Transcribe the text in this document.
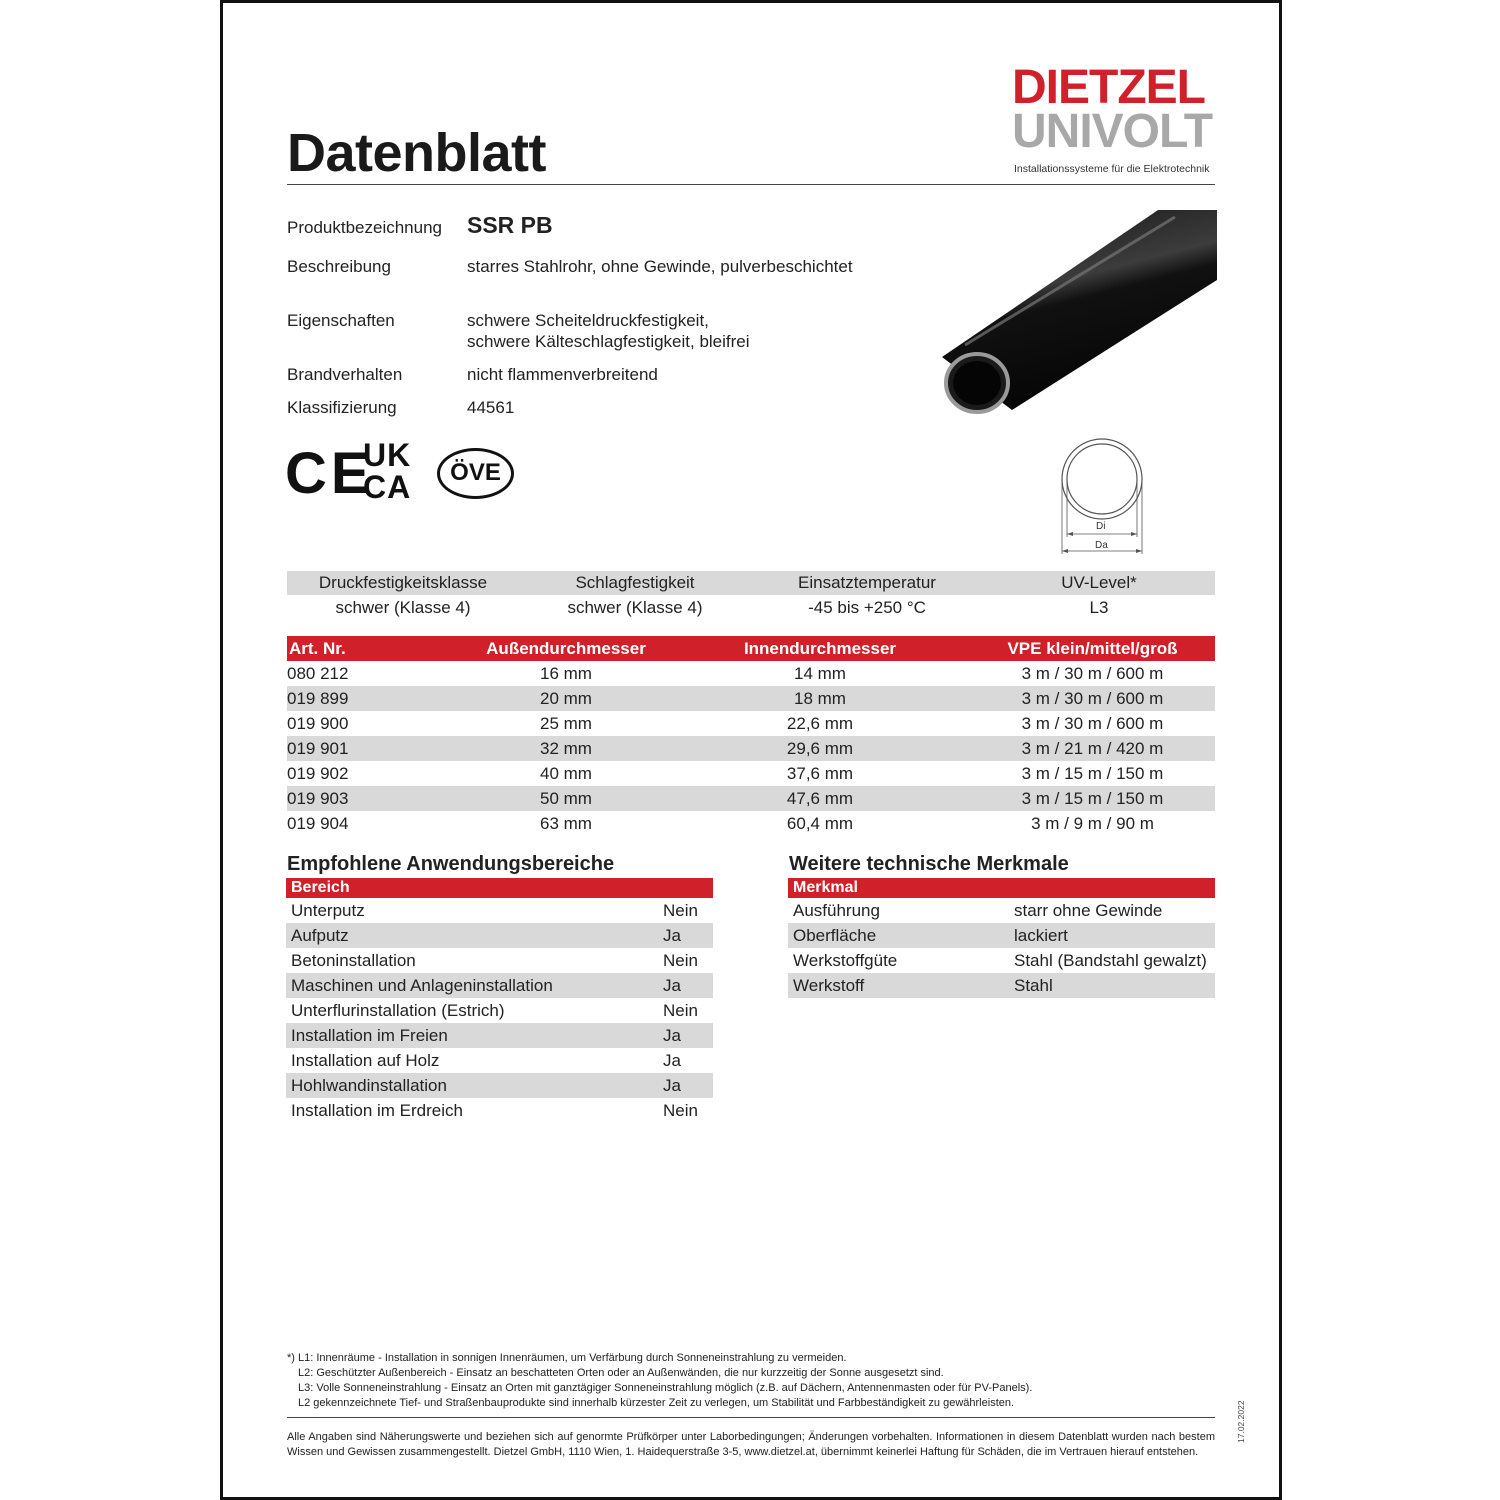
Datenblatt
DIETZEL
UNIVOLT
Installationssysteme für die Elektrotechnik
Produktbezeichnung SSR PB
Beschreibung	starres Stahlrohr, ohne Gewinde, pulverbeschichtet
Eigenschaften	schwere Scheiteldruckfestigkeit,
schwere Kälteschlagfestigkeit, bleifrei
Brandverhalten	nicht flammenverbreitend
Klassifizierung	44561
CE
UK
CA	ÖVE
Di
Da
Druckfestigkeitsklasse	Schlagfestigkeit	Einsatztemperatur	UV-Level*
schwer (Klasse 4)	schwer (Klasse 4)	-45 bis +250 °C	L3
Art. Nr.	Außendurchmesser	Innendurchmesser	VPE klein/mittel/groß
080 212	16 mm	14 mm	3 m / 30 m / 600 m
019 899	20 mm	18 mm	3 m / 30 m / 600 m
019 900	25 mm	22,6 mm	3 m / 30 m / 600 m
019 901	32 mm	29,6 mm	3 m / 21 m / 420 m
019 902	40 mm	37,6 mm	3 m / 15 m / 150 m
019 903	50 mm	47,6 mm	3 m / 15 m / 150 m
019 904	63 mm	60,4 mm	3 m / 9 m / 90 m
Empfohlene Anwendungsbereiche
Bereich	
Unterputz	Nein
Aufputz	Ja
Betoninstallation	Nein
Maschinen und Anlageninstallation	Ja
Unterflurinstallation (Estrich)	Nein
Installation im Freien	Ja
Installation auf Holz	Ja
Hohlwandinstallation	Ja
Installation im Erdreich	Nein
Weitere technische Merkmale
Merkmal	
Ausführung	starr ohne Gewinde
Oberfläche	lackiert
Werkstoffgüte	Stahl (Bandstahl gewalzt)
Werkstoff	Stahl
*) L1: Innenräume - Installation in sonnigen Innenräumen, um Verfärbung durch Sonneneinstrahlung zu vermeiden.
L2: Geschützter Außenbereich - Einsatz an beschatteten Orten oder an Außenwänden, die nur kurzzeitig der Sonne ausgesetzt sind.
L3: Volle Sonneneinstrahlung - Einsatz an Orten mit ganztägiger Sonneneinstrahlung möglich (z.B. auf Dächern, Antennenmasten oder für PV-Panels).
L2 gekennzeichnete Tief- und Straßenbauprodukte sind innerhalb kürzester Zeit zu verlegen, um Stabilität und Farbbeständigkeit zu gewährleisten.
Alle Angaben sind Näherungswerte und beziehen sich auf genormte Prüfkörper unter Laborbedingungen; Änderungen vorbehalten. Informationen in diesem Datenblatt wurden nach bestem Wissen und Gewissen zusammengestellt. Dietzel GmbH, 1110 Wien, 1. Haidequerstraße 3-5, www.dietzel.at, übernimmt keinerlei Haftung für Schäden, die im Vertrauen hierauf entstehen.
17.02.2022
